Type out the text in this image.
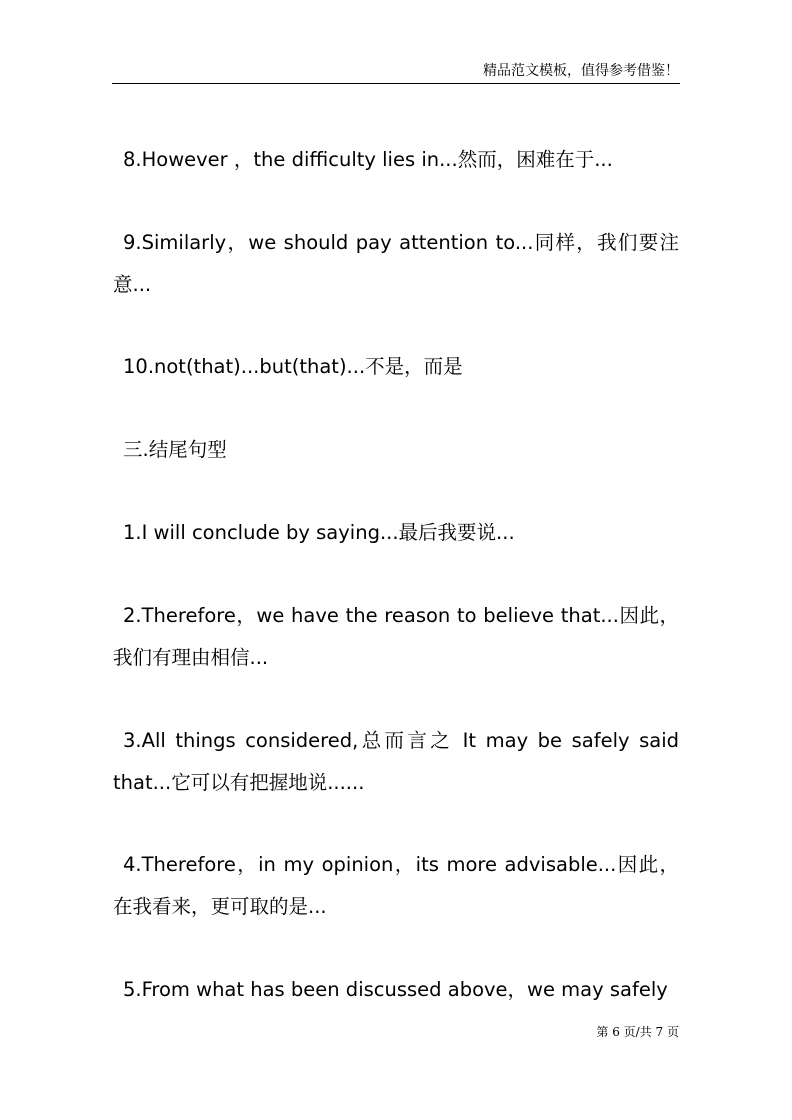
精品范文模板，值得参考借鉴！
8.However ，the difficulty lies in...然而，困难在于...
9.Similarly，we should pay attention to...同样，我们要注意...
10.not(that)...but(that)...不是，而是
三.结尾句型
1.I will conclude by saying...最后我要说...
2.Therefore，we have the reason to believe that...因此，我们有理由相信...
3.All things considered,总而言之 It may be safely said that...它可以有把握地说......
4.Therefore，in my opinion，its more advisable...因此，在我看来，更可取的是...
5.From what has been discussed above，we may safely
第 6 页/共 7 页
